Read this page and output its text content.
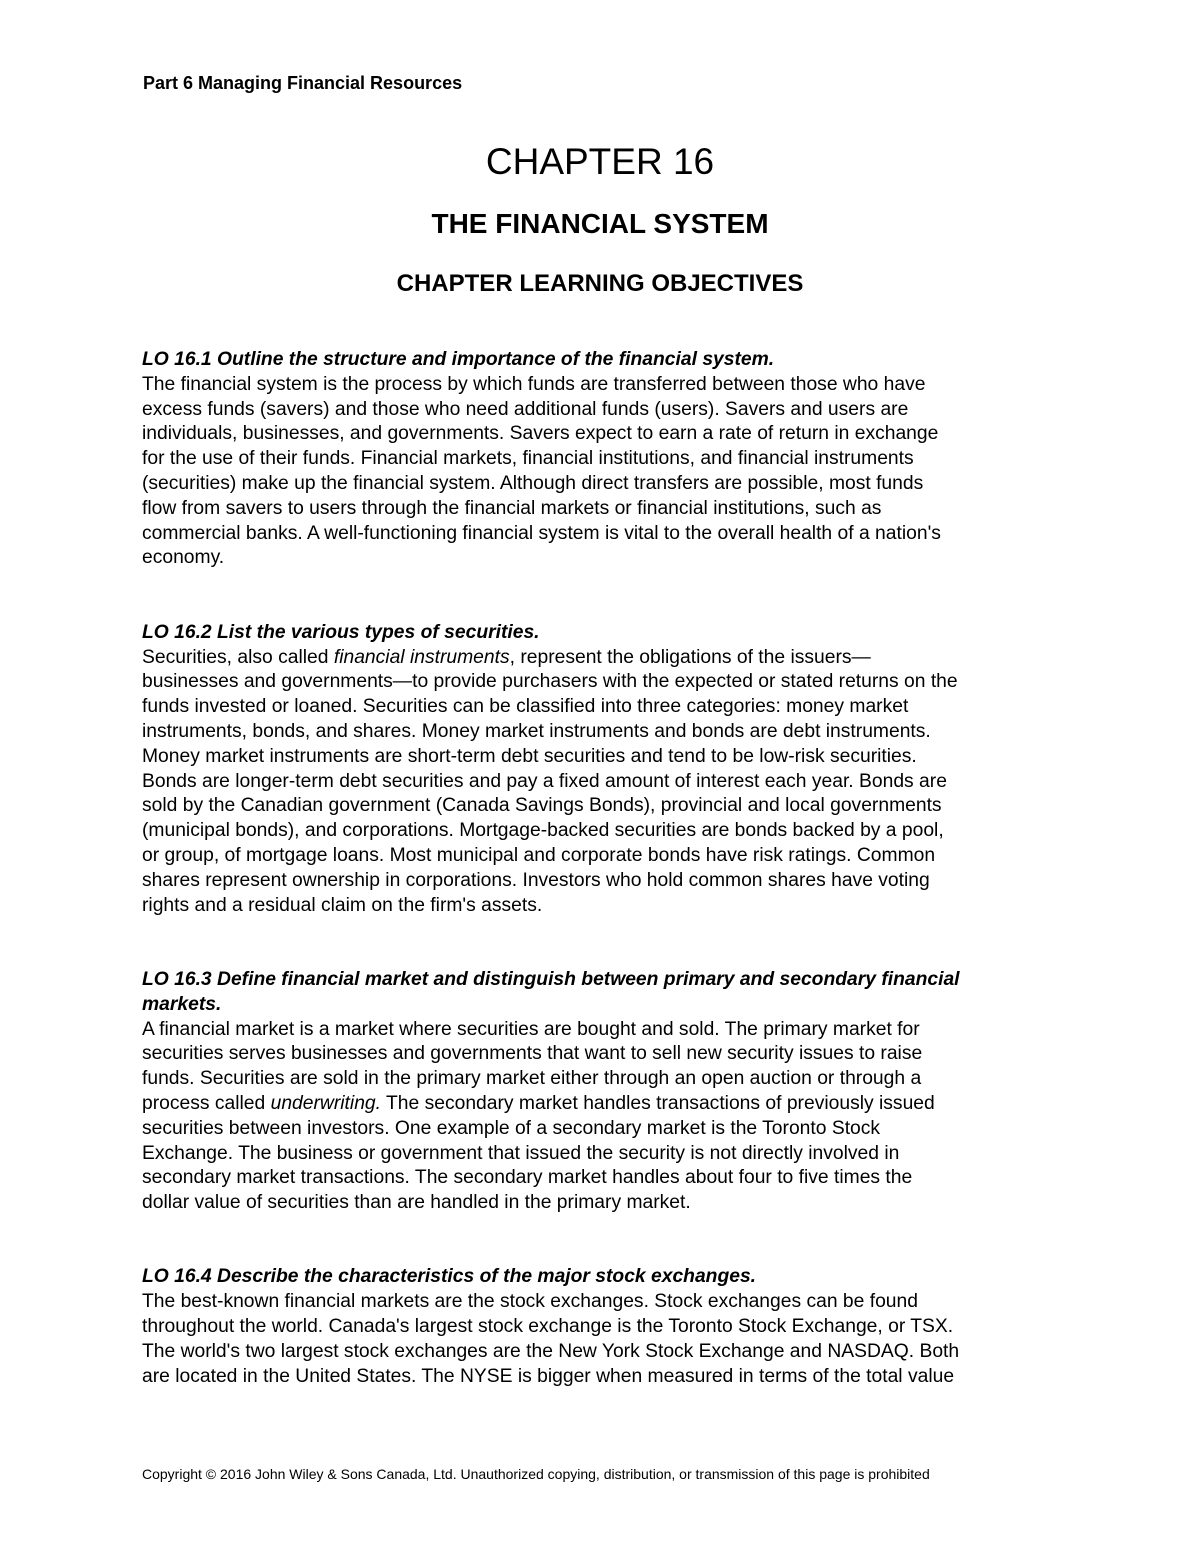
Part 6 Managing Financial Resources
CHAPTER 16
THE FINANCIAL SYSTEM
CHAPTER LEARNING OBJECTIVES

LO 16.1 Outline the structure and importance of the financial system.

The financial system is the process by which funds are transferred between those who have
excess funds (savers) and those who need additional funds (users). Savers and users are
individuals, businesses, and governments. Savers expect to earn a rate of return in exchange
for the use of their funds. Financial markets, financial institutions, and financial instruments
(securities) make up the financial system. Although direct transfers are possible, most funds
flow from savers to users through the financial markets or financial institutions, such as
commercial banks. A well-functioning financial system is vital to the overall health of a nation's
economy.

LO 16.2 List the various types of securities.

Securities, also called financial instruments, represent the obligations of the issuers—
businesses and governments—to provide purchasers with the expected or stated returns on the
funds invested or loaned. Securities can be classified into three categories: money market
instruments, bonds, and shares. Money market instruments and bonds are debt instruments.
Money market instruments are short-term debt securities and tend to be low-risk securities.
Bonds are longer-term debt securities and pay a fixed amount of interest each year. Bonds are
sold by the Canadian government (Canada Savings Bonds), provincial and local governments
(municipal bonds), and corporations. Mortgage-backed securities are bonds backed by a pool,
or group, of mortgage loans. Most municipal and corporate bonds have risk ratings. Common
shares represent ownership in corporations. Investors who hold common shares have voting
rights and a residual claim on the firm's assets.

LO 16.3 Define financial market and distinguish between primary and secondary financial
markets.

A financial market is a market where securities are bought and sold. The primary market for
securities serves businesses and governments that want to sell new security issues to raise
funds. Securities are sold in the primary market either through an open auction or through a
process called underwriting. The secondary market handles transactions of previously issued
securities between investors. One example of a secondary market is the Toronto Stock
Exchange. The business or government that issued the security is not directly involved in
secondary market transactions. The secondary market handles about four to five times the
dollar value of securities than are handled in the primary market.

LO 16.4 Describe the characteristics of the major stock exchanges.

The best-known financial markets are the stock exchanges. Stock exchanges can be found
throughout the world. Canada's largest stock exchange is the Toronto Stock Exchange, or TSX.
The world's two largest stock exchanges are the New York Stock Exchange and NASDAQ. Both
are located in the United States. The NYSE is bigger when measured in terms of the total value

Copyright © 2016 John Wiley & Sons Canada, Ltd. Unauthorized copying, distribution, or transmission of this page is prohibited
